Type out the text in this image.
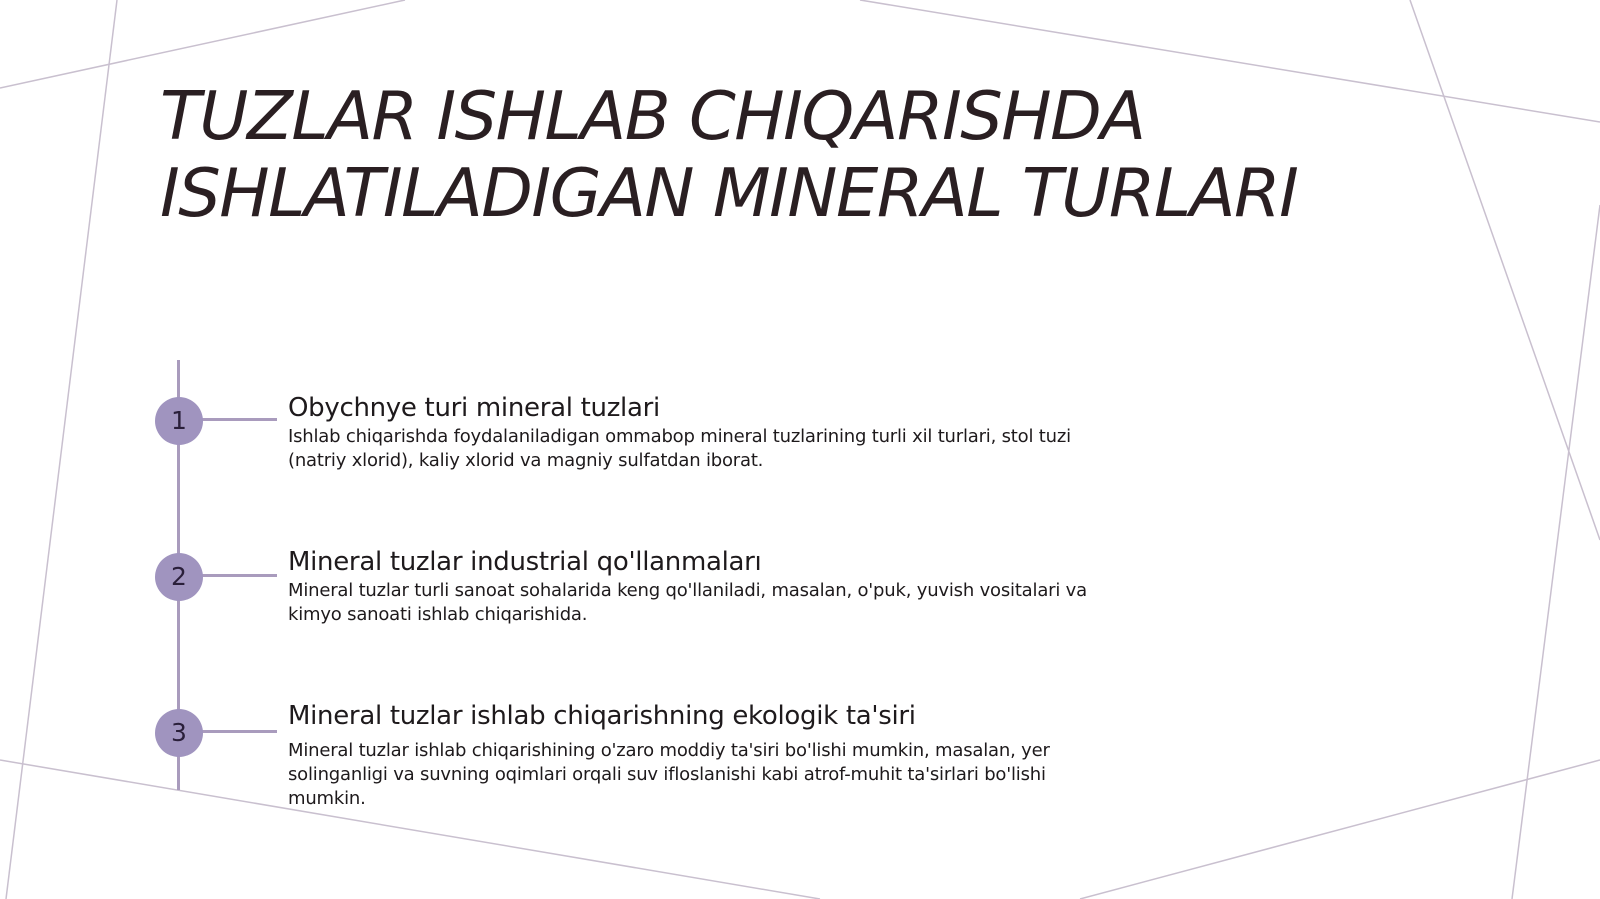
TUZLAR ISHLAB CHIQARISHDA
ISHLATILADIGAN MINERAL TURLARI
1	Obychnye turi mineral tuzlari
Ishlab chiqarishda foydalaniladigan ommabop mineral tuzlarining turli xil turlari, stol tuzi (natriy xlorid), kaliy xlorid va magniy sulfatdan iborat.
2	Mineral tuzlar industrial qo'llanmaları
Mineral tuzlar turli sanoat sohalarida keng qo'llaniladi, masalan, o'puk, yuvish vositalari va kimyo sanoati ishlab chiqarishida.
3
Mineral tuzlar ishlab chiqarishning ekologik ta'siri
Mineral tuzlar ishlab chiqarishining o'zaro moddiy ta'siri bo'lishi mumkin, masalan, yer solinganligi va suvning oqimlari orqali suv ifloslanishi kabi atrof-muhit ta'sirlari bo'lishi mumkin.
